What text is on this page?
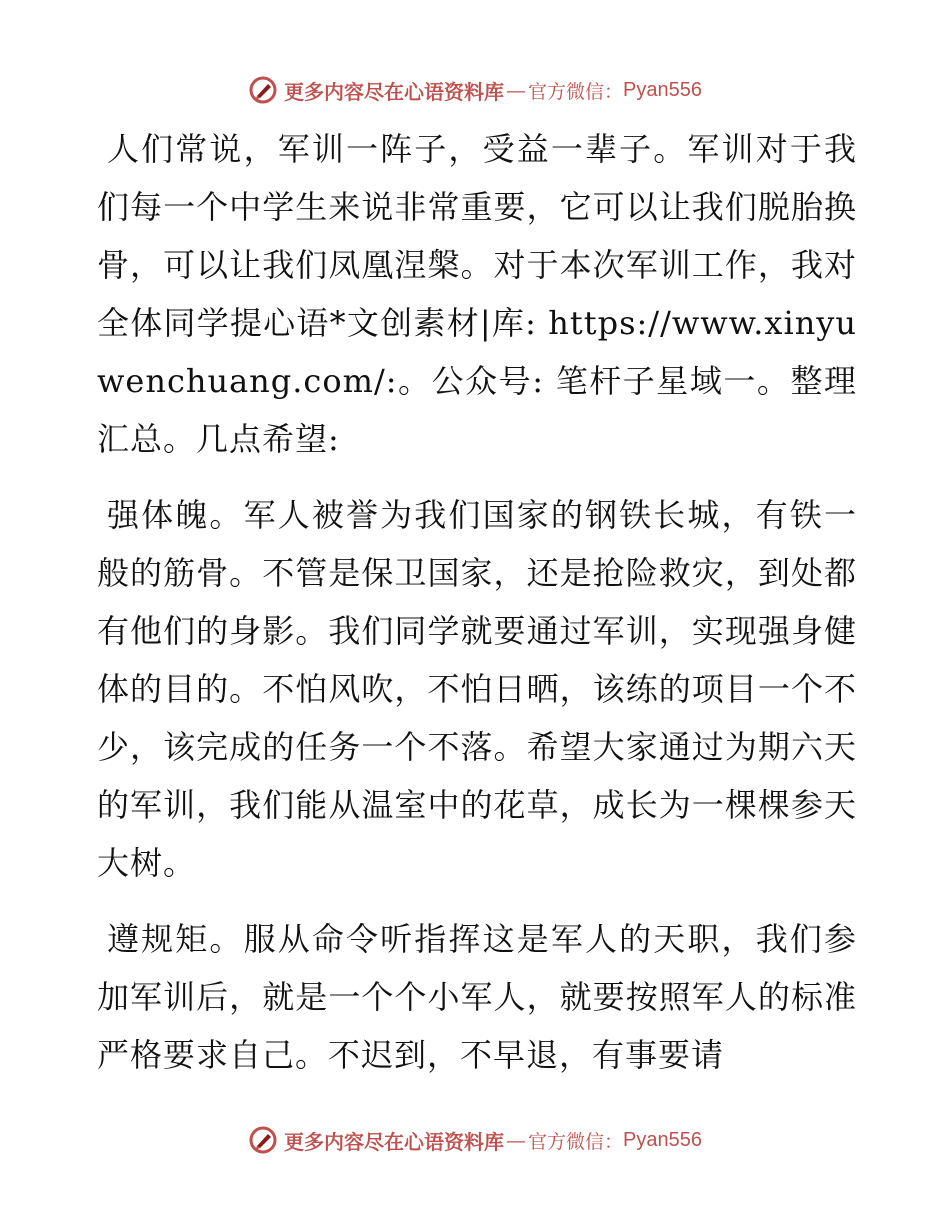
更多内容尽在心语资料库 — 官方微信： Pyan556

人们常说，军训一阵子，受益一辈子。军训对于我们每一个中学生来说非常重要，它可以让我们脱胎换骨，可以让我们凤凰涅槃。对于本次军训工作，我对全体同学提心语*文创素材|库: https://www.xinyuwenchuang.com/:。公众号: 笔杆子星域一。整理汇总。几点希望:

强体魄。军人被誉为我们国家的钢铁长城，有铁一般的筋骨。不管是保卫国家，还是抢险救灾，到处都有他们的身影。我们同学就要通过军训，实现强身健体的目的。不怕风吹，不怕日晒，该练的项目一个不少，该完成的任务一个不落。希望大家通过为期六天的军训，我们能从温室中的花草，成长为一棵棵参天大树。

遵规矩。服从命令听指挥这是军人的天职，我们参加军训后，就是一个个小军人，就要按照军人的标准严格要求自己。不迟到，不早退，有事要请

更多内容尽在心语资料库 — 官方微信： Pyan556
